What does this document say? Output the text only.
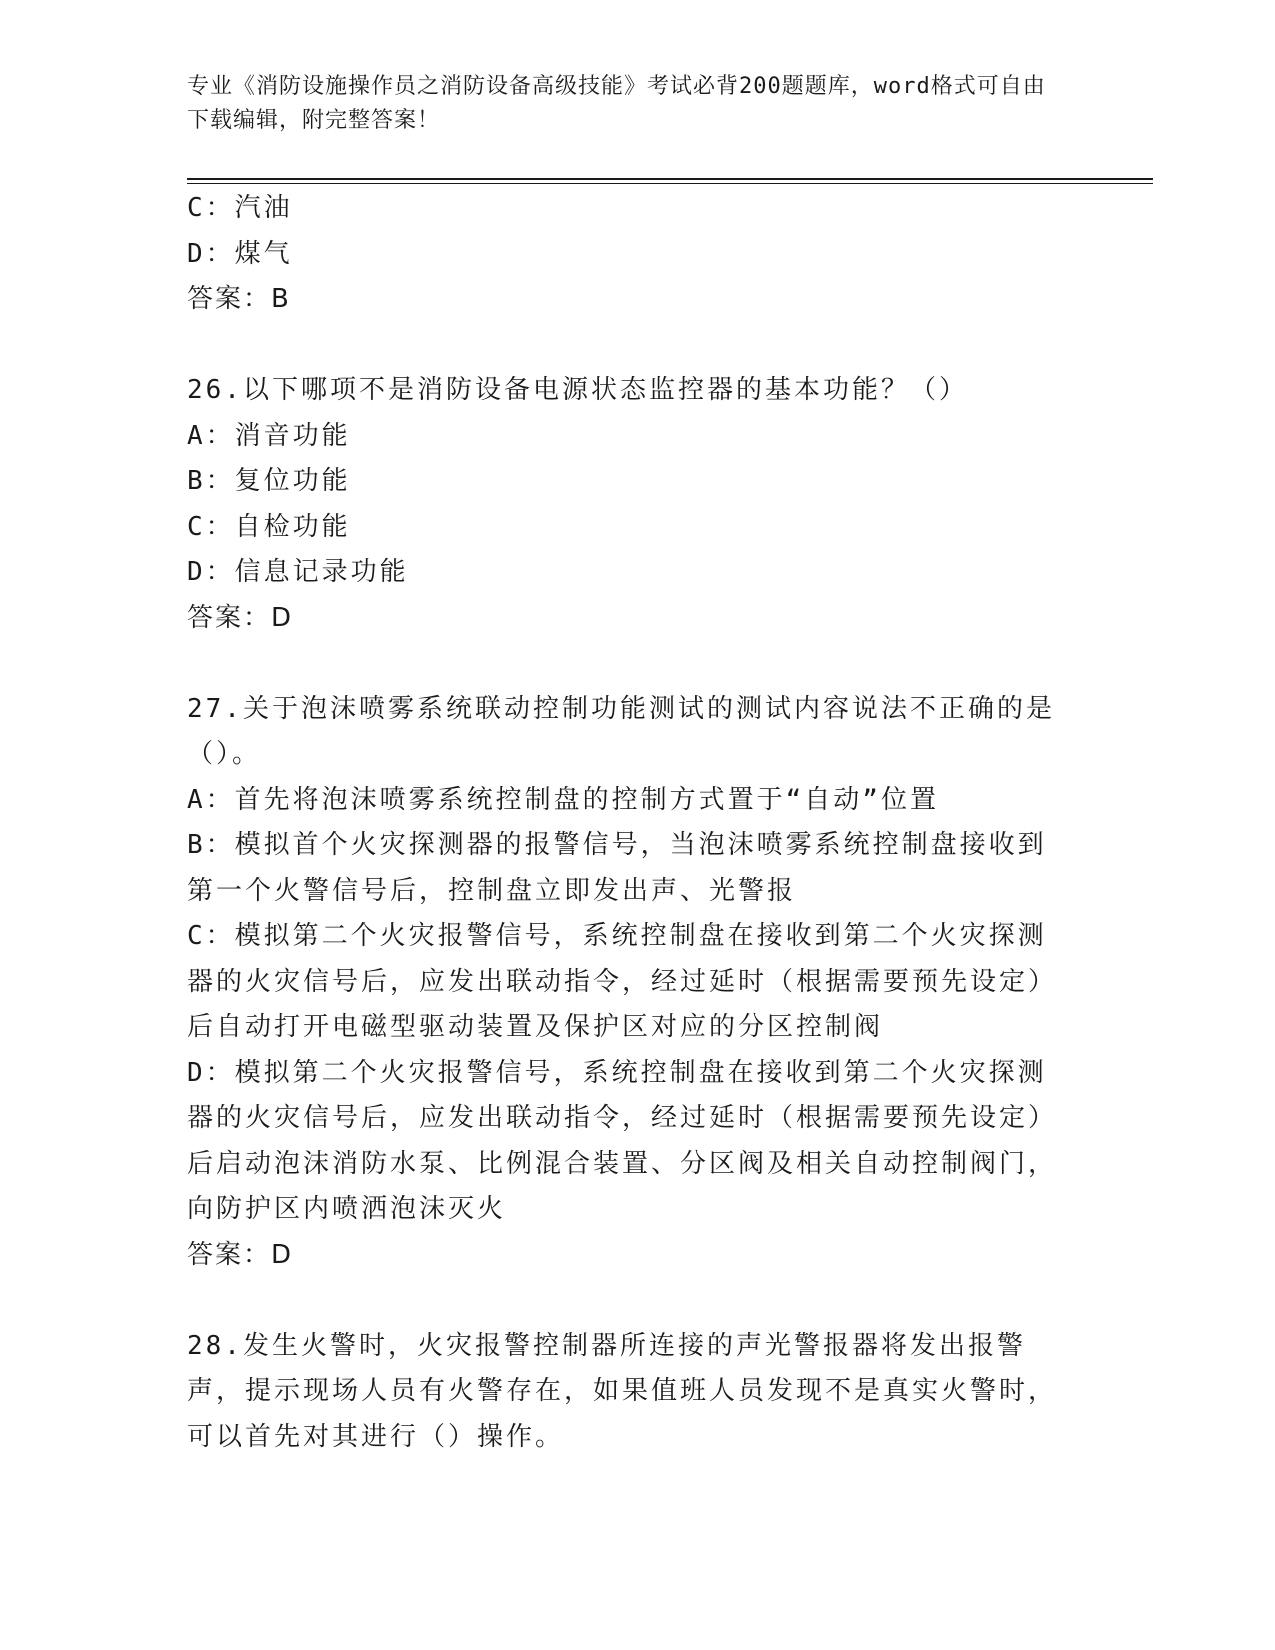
专业《消防设施操作员之消防设备高级技能》考试必背200题题库，word格式可自由下载编辑，附完整答案！
C：汽油
D：煤气
答案：B
26.以下哪项不是消防设备电源状态监控器的基本功能？（）
A：消音功能
B：复位功能
C：自检功能
D：信息记录功能
答案：D
27.关于泡沫喷雾系统联动控制功能测试的测试内容说法不正确的是（）。
A：首先将泡沫喷雾系统控制盘的控制方式置于“自动”位置
B：模拟首个火灾探测器的报警信号，当泡沫喷雾系统控制盘接收到第一个火警信号后，控制盘立即发出声、光警报
C：模拟第二个火灾报警信号，系统控制盘在接收到第二个火灾探测器的火灾信号后，应发出联动指令，经过延时（根据需要预先设定）后自动打开电磁型驱动装置及保护区对应的分区控制阀
D：模拟第二个火灾报警信号，系统控制盘在接收到第二个火灾探测器的火灾信号后，应发出联动指令，经过延时（根据需要预先设定）后启动泡沫消防水泵、比例混合装置、分区阀及相关自动控制阀门，向防护区内喷洒泡沫灭火
答案：D
28.发生火警时，火灾报警控制器所连接的声光警报器将发出报警声，提示现场人员有火警存在，如果值班人员发现不是真实火警时，可以首先对其进行（）操作。
